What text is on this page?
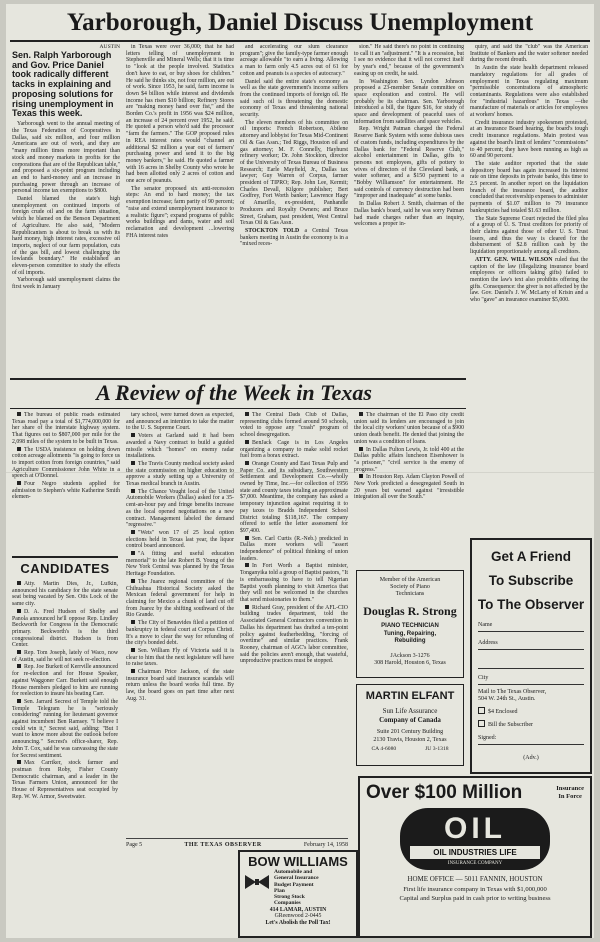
Yarborough, Daniel Discuss Unemployment
AUSTIN
Sen. Ralph Yarborough and Gov. Price Daniel took radically different tacks in explaining and proposing solutions for rising unemployment in Texas this week.

Yarborough went to the annual meeting of the Texas Federation of Cooperatives in Dallas, said six million, and four million Americans are out of work, and they are "many million times more important than stock and money markets in profits for the corporations that are of the Republican table," and proposed a six-point program including an end to hard-money and an increase in purchasing power through an increase of personal income tax exemptions to $800.

Daniel blamed the state's high unemployment on continued imports of foreign crude oil and on the farm situation, which he blamed on the Benson Department of Agriculture. He also said, "Modern Republicanism is about to break us with its hard money, high interest rates, excessive oil imports, neglect of our farm population, cuts of the gas bill, and lowest challenging the lowlands boundary." He established an eleven-person committee to study the effects of oil imports.

Yarborough said unemployment claims the first week in January

in Texas were over 36,000; that he had letters telling of unemployment in Stephenville and Mineral Wells; that it is time to "look at the people involved. Statistics don't have to eat, or buy shoes for children." He said he thinks six, not four million, are out of work. Since 1953, he said, farm income is down $4 billion while interest and dividends income has risen $10 billion; Refinery Stores are "making money hand over fist," and the Borden Co.'s profit in 1956 was $24 million, an increase of 24 percent over 1952, he said. He quoted a person who'd said the processor "farm the farmers." The GOP proposed rules in REA interest rates would "channel an additional $2 million a year out of farmers' purchasing power and send it to the big money bankers," he said. He quoted a farmer with 16 acres in Shelby County who wrote he had been allotted only 2 acres of cotton and one acre of peanuts.

The senator proposed six anti-recession steps: An end to hard money; the tax exemption increase; farm parity of 90 percent; "raise and extend unemployment insurance to a realistic figure"; expand programs of public works buildings and dams, water and soil reclamation and development ...lowering FHA interest rates

and accelerating our slum clearance program"; give the family-type farmer enough acreage allowable "to earn a living. Allowing a man to farm only 4.5 acres out of 61 for cotton and peanuts is a species of autocracy."

Daniel said the entire state's economy as well as the state government's income suffers from the continued imports of foreign oil. He said such oil is threatening the domestic economy of Texas and threatening national security.

The eleven members of his committee on oil imports: French Robertson, Abilene attorney and lobbyist for Texas Mid-Continent Oil & Gas Assn.; Ted Riggs, Houston oil and gas attorney; M. F. Connelly, Hayhurst refinery worker; Dr. John Stockton, director of the University of Texas Bureau of Business Research; Earle Mayfield, Jr., Dallas tax lawyer; Guy Warren of Corpus, farmer president of TIPRO; Rep. John Lee, Kermit; Charles Devall, Kilgore publisher; Bert Godfrey, Fort Worth banker; Lawrence Hagy of Amarillo, ex-president, Panhandle Producers and Royalty Owners; and Bruce Street, Graham, past president, West Central Texas Oil & Gas Assn.

STOCKTON TOLD a Central Texas bankers meeting in Austin the economy is in a "mixed reces-

sion." He said there's no point in continuing to call it an "adjustment." "It is a recession, but I see no evidence that it will not correct itself by year's end," because of the government's easing up on credit, he said.

In Washington Sen. Lyndon Johnson proposed a 23-member Senate committee on space exploration and control. He will probably be its chairman. Sen. Yarborough introduced a bill, the figure $16, for study of space and development of peaceful uses of information from satellites and space vehicles.

Rep. Wright Patman charged the Federal Reserve Bank System with some dubious uses of custom funds, including expenditures by the Dallas bank for "Federal Reserve Club," alcohol entertainment in Dallas, gifts to persons not employees, gifts of pottery to wives of directors of the Cleveland bank, a water softener, and a $150 payment to a "Bobby Williamson" for entertainment. He said controls of currency destruction had been "improper and inadequate" at some banks.

In Dallas Robert J. Smith, chairman of the Dallas bank's board, said he was sorry Patman had made charges rather than an inquiry, welcomes a proper in-

quiry, and said the "club" was the American Institute of Bankers and the water softener needed during the recent drouth.

In Austin the state health department released mandatory regulations for all grades of employment in Texas regulating maximum "permissible concentrations of atmospheric contaminants. Regulations were also established for "industrial hazardous" in Texas —the manufacture of materials or articles for employees at workers' homes.

Credit insurance industry spokesmen protested, at an Insurance Board hearing, the board's tough credit insurance regulations. Main protest was against the board's limit of lenders' "commissions" to 40 percent; they have been running as high as 60 and 90 percent.

The state auditor reported that the state depository board has again increased its interest rate on time deposits in private banks, this time to 2.5 percent. In another report on the liquidation branch of the insurance board, the auditor concluded that receivership expenses to administer payments of $1.07 million to 79 insurance bankruptcies had totaled $1.63 million.

The State Supreme Court rejected the filed plea of a group of U. S. Trust creditors for priority of their claims against those of other U. S. Trust losers, and thus the way is cleared for the disbursement of $2.8 million cash by the liquidation proportionately among all creditors.

ATTY. GEN. WILL WILSON ruled that the caption of the law (illegalizing insurance board employees or officers taking gifts) failed to mention the law's text also prohibits offering the gifts. Consequence: the giver is not affected by the law. Gov. Daniel's J. W. McLarty of Krisin and a who "gave" an insurance examiner $5,000.

A Review of the Week in Texas

The bureau of public roads estimated Texas road pay a total of $1,774,000,000 for her share of the interstate highway system. That figures out to $807,000 per mile for the 2,098 miles of the system to be built in Texas.

The USDA insistence on holding down cotton acreage allotments "is going to force us to import cotton from foreign countries," said Agriculture Commissioner John White in a speech at O'Donnel.

Four Negro students applied for admission to Stephen's white Katherine Smith elemen-

CANDIDATES

Atty. Martin Dies, Jr., Lufkin, announced his candidacy for the state senate seat being vacated by Sen. Otis Lock of the same city.

D. A. Fred Hudson of Shelby and Panola announced he'll oppose Rep. Lindley Beckworth for Congress in the Democratic primary. Beckworth's is the third congressional district. Hudson is from Center.

Rep. Tom Joseph, lately of Waco, now of Austin, said he will not seek re-election.

Rep. Joe Burkett of Kerrville announced for re-election and for House Speaker, against Waggoner Carr. Burkett said enough House members pledged to him are running for reelection to insure his beating Carr.

Sen. Jarrard Secrest of Temple told the Temple Telegram he is "seriously considering" running for lieutenant governor against incumbent Ben Ramsey. "I believe I could win it," Secrest said, adding: "But I want to know more about the outlook before announcing." Secrest's office-sharer, Rep. John T. Cox, said he was canvassing the state for Secrest sentiment.

Max Carriker, stock farmer and postman from Roby, Fisher County Democratic chairman, and a leader in the Texas Farmers Union, announced for the House of Representatives seat occupied by Rep. W. W. Armor, Sweetwater.

tary school, were turned down as expected, and announced an intention to take the matter to the U. S. Supreme Court.

Voters at Garland said it had been awarded a Navy contract to build a guided missile which "homes" on enemy radar installations.

The Travis County medical society asked the state commission on higher education to approve a study setting up a University of Texas medical branch in Austin.

The Chance Vought local of the United Automobile Workers (Dallas) asked for a 35-cent-an-hour pay and fringe benefits increase as the local opened negotiations on a new contract. Management labeled the demand "regressive."

"Wets" won 17 of 25 local option elections held in Texas last year, the liquor control board announced.

"A fitting and useful education memorial" to the late Robert B. Young of the New York Central was planned by the Texas Heritage Foundation.

The Juarez regional committee of the Chihuahua Historical Society asked the Mexican federal government for help in claiming for Mexico a chunk of land cut off from Juarez by the shifting southward of the Rio Grande.

The City of Benavides filed a petition of bankruptcy in federal court at Corpus Christi. It's a move to clear the way for refunding of the city's bonded debt.

Sen. William Fly of Victoria said it is clear to him that the next legislature will have to raise taxes.

Chairman Price Jackson, of the state insurance board said insurance scandals will return unless the board works full time. By law, the board goes on part time after next Aug. 31.

The Central Dads Club of Dallas, representing clubs formed around 50 schools, voted to oppose any "crash" program of school desegregation.

BenJack Cage is in Los Angeles organizing a company to make solid rocket fuel from a borax extract.

Orange County and East Texas Pulp and Paper Co. and its subsidiary, Southwestern Settlement and Development Co.—wholly owned by Time, Inc.—for collection of 1956 state and county taxes totaling an approximate $7,000. Meantime, the company has asked a temporary injunction against requiring it to pay taxes to Bradds Independent School District totaling $118,167. The company offered to settle the letter assessment for $97,400.

Sen. Carl Curtis (R.-Neb.) predicted in Dallas more workers will "assert independence" of political thinking of union leaders.

In Fort Worth a Baptist minister, Tonganyika told a group of Baptist pastors, "It is embarrassing to have to tell Nigerian Baptist youth planning to visit America that they will not be welcomed in the churches that send missionaries to them."

Richard Gray, president of the AFL-CIO building trades department, told the Associated General Contractors convention in Dallas his department has drafted a ten-point policy against featherbedding, "forcing of overtime" and similar practices. Frank Rooney, chairman of AGC's labor committee, said the policies aren't enough, that wasteful, unproductive practices must be stopped.

The chairman of the El Paso city credit union said its lenders are encouraged to join the local city workers' union because of a $900 union death benefit. He denied that joining the union was a condition of loans.

In Dallas Fulton Lewis, Jr. told 400 at the Dallas public affairs luncheon Eisenhower is "a prisoner," "civil service is the enemy of progress."

In Houston Rep. Adam Clayton Powell of New York predicted a desegregated South in 20 years but warned against "irresistible integration all over the South."

Member of the American
Society of Piano
Technicians
Douglas R. Strong
PIANO TECHNICIAN
Tuning, Repairing,
Rebuilding
JAckson 3-1276
308 Harold, Houston 6, Texas
MARTIN ELFANT
Sun Life Assurance
Company of Canada
Suite 201 Century Building
2130 Travis, Houston 2, Texas
CA 4-6080	JU 3-1318
Get A Friend
To Subscribe
To The Observer
Name
Address
City
Mail to The Texas Observer,
504 W. 24th St., Austin.
$4 Enclosed
Bill the Subscriber
Signed:
(Adv.)
Page 5	THE TEXAS OBSERVER	February 14, 1958
BOW WILLIAMS
Automobile and
General Insurance
Budget Payment
Plan
Strong Stock
Companies
414 LAMAR, AUSTIN
GReenwood 2-0445
Let's Abolish the Poll Tax!
Over $100 Million	Insurance
In Force
OIL
OIL INDUSTRIES LIFE
INSURANCE COMPANY
HOME OFFICE — 5011 FANNIN, HOUSTON
First life insurance company in Texas with $1,000,000
Capital and Surplus paid in cash prior to writing business
